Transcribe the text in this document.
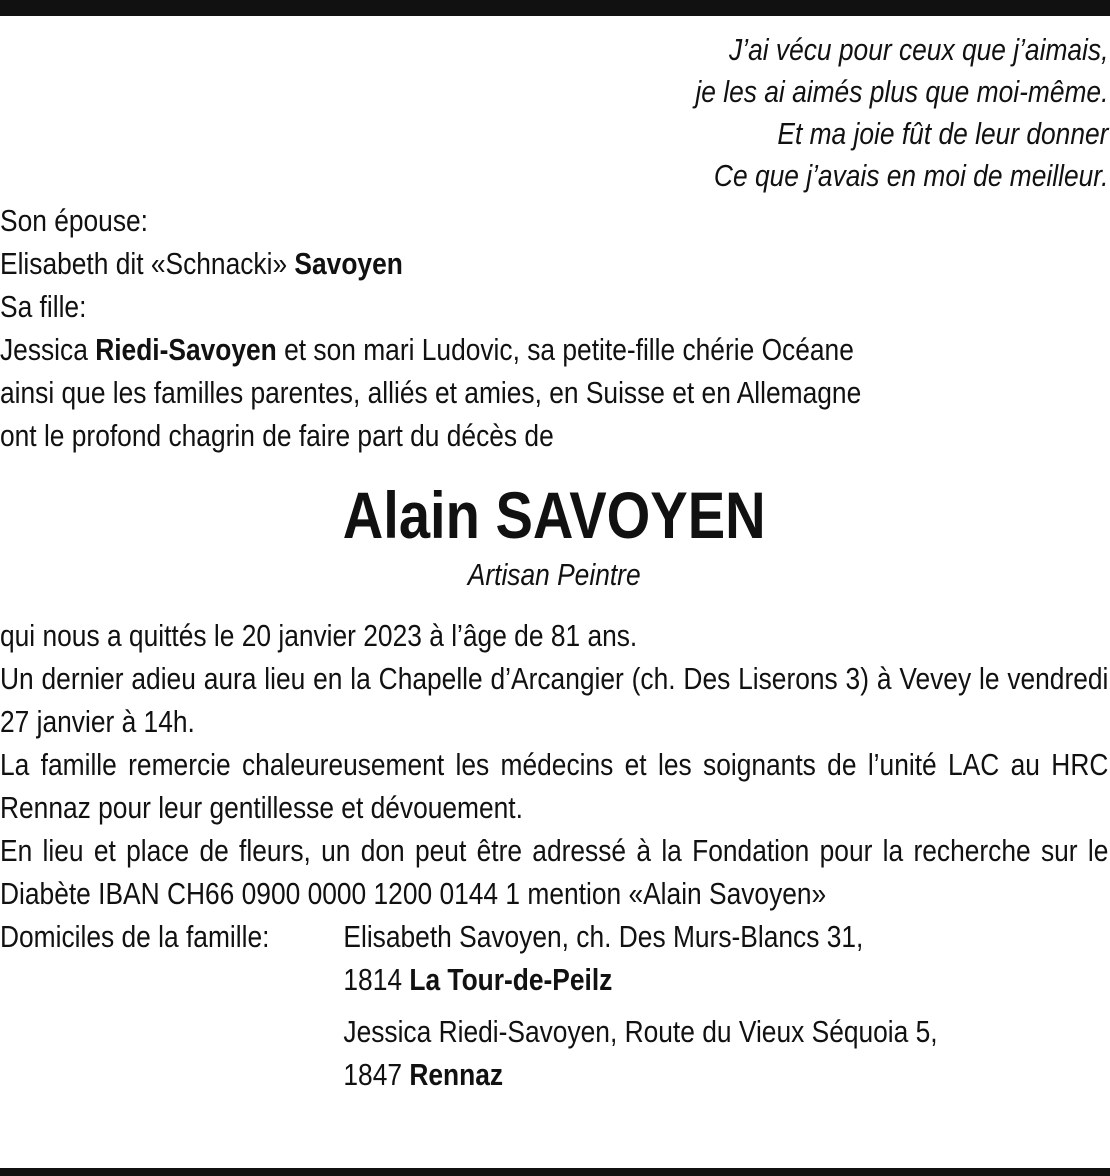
J’ai vécu pour ceux que j’aimais,
je les ai aimés plus que moi-même.
Et ma joie fût de leur donner
Ce que j’avais en moi de meilleur.
Son épouse:
Elisabeth dit «Schnacki» Savoyen
Sa fille:
Jessica Riedi-Savoyen et son mari Ludovic, sa petite-fille chérie Océane
ainsi que les familles parentes, alliés et amies, en Suisse et en Allemagne
ont le profond chagrin de faire part du décès de
Alain SAVOYEN
Artisan Peintre
qui nous a quittés le 20 janvier 2023 à l’âge de 81 ans.
Un dernier adieu aura lieu en la Chapelle d’Arcangier (ch. Des Liserons 3) à Vevey le vendredi 27 janvier à 14h.
La famille remercie chaleureusement les médecins et les soignants de l’unité LAC au HRC Rennaz pour leur gentillesse et dévouement.
En lieu et place de fleurs, un don peut être adressé à la Fondation pour la recherche sur le Diabète IBAN CH66 0900 0000 1200 0144 1 mention «Alain Savoyen»
Domiciles de la famille:	Elisabeth Savoyen, ch. Des Murs-Blancs 31,
1814 La Tour-de-Peilz
Jessica Riedi-Savoyen, Route du Vieux Séquoia 5,
1847 Rennaz
